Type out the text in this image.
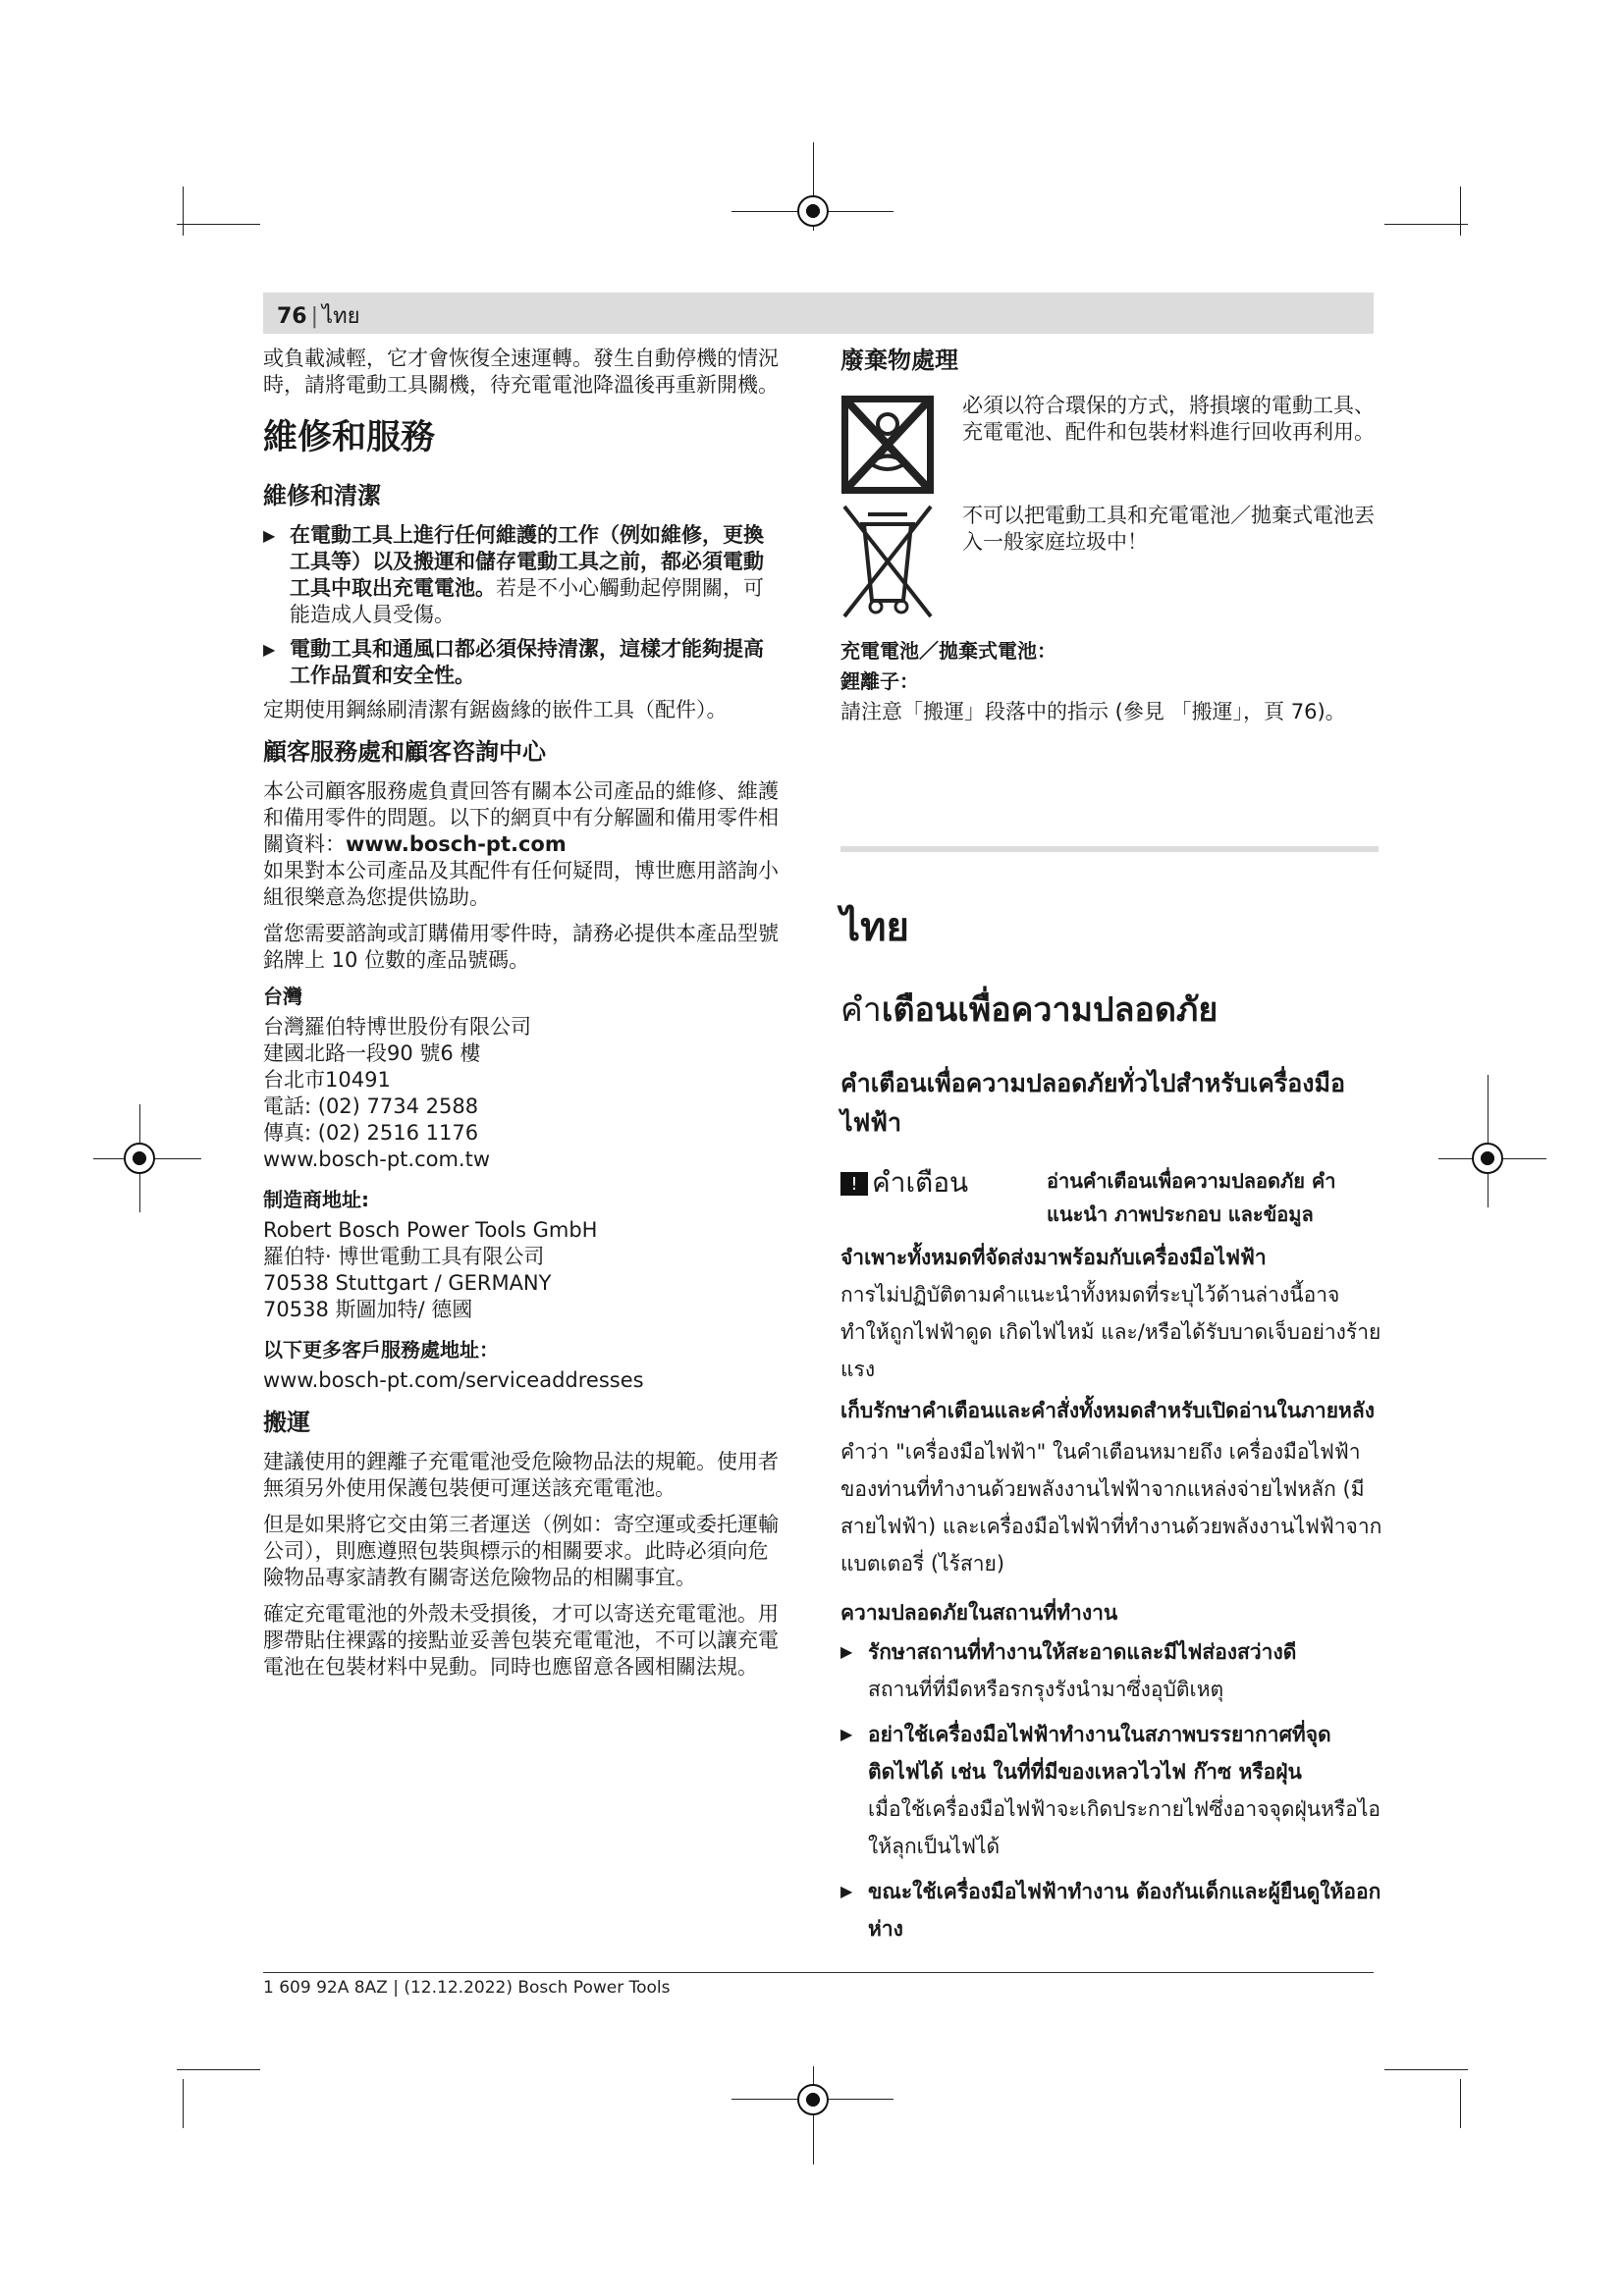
76 | ไทย

或負載減輕，它才會恢復全速運轉。發生自動停機的情況時，請將電動工具關機，待充電電池降溫後再重新開機。

維修和服務
維修和清潔
▶ 在電動工具上進行任何維護的工作（例如維修，更換工具等）以及搬運和儲存電動工具之前，都必須電動工具中取出充電電池。若是不小心觸動起停開關，可能造成人員受傷。
▶ 電動工具和通風口都必須保持清潔，這樣才能夠提高工作品質和安全性。

定期使用鋼絲刷清潔有鋸齒緣的嵌件工具（配件）。

顧客服務處和顧客咨詢中心

本公司顧客服務處負責回答有關本公司產品的維修、維護和備用零件的問題。以下的網頁中有分解圖和備用零件相關資料：www.bosch-pt.com
如果對本公司產品及其配件有任何疑問，博世應用諮詢小組很樂意為您提供協助。

當您需要諮詢或訂購備用零件時，請務必提供本產品型號銘牌上 10 位數的產品號碼。

台灣
台灣羅伯特博世股份有限公司
建國北路一段90 號6 樓
台北市10491
電話: (02) 7734 2588
傳真: (02) 2516 1176
www.bosch-pt.com.tw
制造商地址:
Robert Bosch Power Tools GmbH
羅伯特· 博世電動工具有限公司
70538 Stuttgart / GERMANY
70538 斯圖加特/ 德國
以下更多客戶服務處地址：
www.bosch-pt.com/serviceaddresses
搬運

建議使用的鋰離子充電電池受危險物品法的規範。使用者無須另外使用保護包裝便可運送該充電電池。

但是如果將它交由第三者運送（例如：寄空運或委托運輸公司），則應遵照包裝與標示的相關要求。此時必須向危險物品專家請教有關寄送危險物品的相關事宜。

確定充電電池的外殼未受損後，才可以寄送充電電池。用膠帶貼住裸露的接點並妥善包裝充電電池，不可以讓充電電池在包裝材料中晃動。同時也應留意各國相關法規。

廢棄物處理
必須以符合環保的方式，將損壞的電動工具、充電電池、配件和包裝材料進行回收再利用。
不可以把電動工具和充電電池／拋棄式電池丟入一般家庭垃圾中！
充電電池／拋棄式電池：
鋰離子：

請注意「搬運」段落中的指示 (參見 「搬運」，頁 76)。

ไทย
คำเตือนเพื่อความปลอดภัย
คำเตือนเพื่อความปลอดภัยทั่วไปสำหรับเครื่องมือไฟฟ้า
! คำเตือน	อ่านคำเตือนเพื่อความปลอดภัย คำแนะนำ ภาพประกอบ และข้อมูล
จำเพาะทั้งหมดที่จัดส่งมาพร้อมกับเครื่องมือไฟฟ้า
การไม่ปฏิบัติตามคำแนะนำทั้งหมดที่ระบุไว้ด้านล่างนี้อาจทำให้ถูกไฟฟ้าดูด เกิดไฟไหม้ และ/หรือได้รับบาดเจ็บอย่างร้ายแรง
เก็บรักษาคำเตือนและคำสั่งทั้งหมดสำหรับเปิดอ่านในภายหลัง
คำว่า "เครื่องมือไฟฟ้า" ในคำเตือนหมายถึง เครื่องมือไฟฟ้าของท่านที่ทำงานด้วยพลังงานไฟฟ้าจากแหล่งจ่ายไฟหลัก (มีสายไฟฟ้า) และเครื่องมือไฟฟ้าที่ทำงานด้วยพลังงานไฟฟ้าจากแบตเตอรี่ (ไร้สาย)
ความปลอดภัยในสถานที่ทำงาน
▶ รักษาสถานที่ทำงานให้สะอาดและมีไฟส่องสว่างดี
สถานที่ที่มืดหรือรกรุงรังนำมาซึ่งอุบัติเหตุ
▶ อย่าใช้เครื่องมือไฟฟ้าทำงานในสภาพบรรยากาศที่จุดติดไฟได้ เช่น ในที่ที่มีของเหลวไวไฟ ก๊าซ หรือฝุ่น
เมื่อใช้เครื่องมือไฟฟ้าจะเกิดประกายไฟซึ่งอาจจุดฝุ่นหรือไอให้ลุกเป็นไฟได้
▶ ขณะใช้เครื่องมือไฟฟ้าทำงาน ต้องกันเด็กและผู้ยืนดูให้ออกห่าง
1 609 92A 8AZ | (12.12.2022) Bosch Power Tools
